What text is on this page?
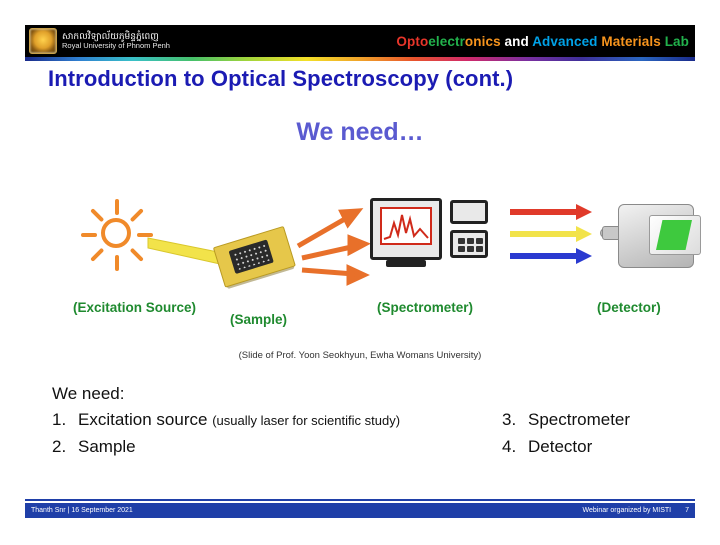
សាកលវិទ្យាល័យភូមិន្ទភ្នំពេញ
Royal University of Phnom Penh	Optoelectronics and Advanced Materials Lab
Introduction to Optical Spectroscopy (cont.)
We need…
(Excitation Source)
(Sample)
(Spectrometer)	(Detector)
(Slide of Prof. Yoon Seokhyun, Ewha Womans University)
We need:
1. Excitation source (usually laser for scientific study)
2. Sample
3. Spectrometer
4. Detector
Thanth Snr | 16 September 2021	Webinar organized by MISTI 7
